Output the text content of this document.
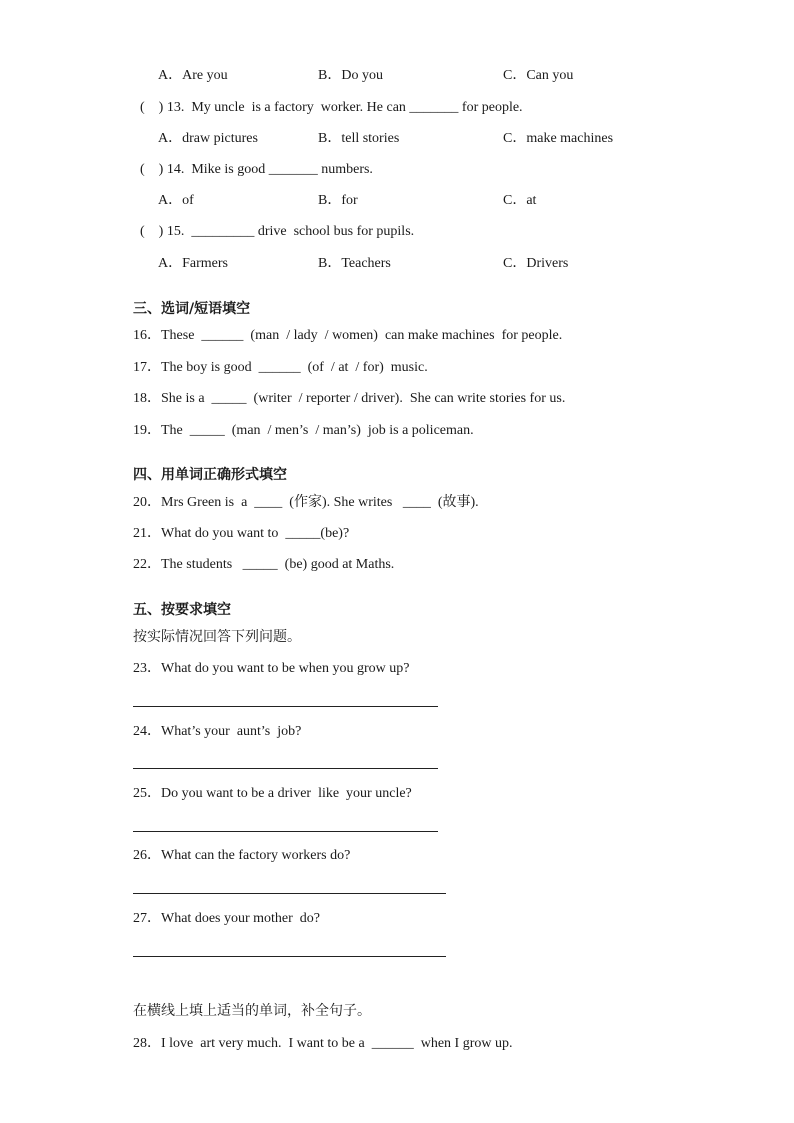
A．Are you	B．Do you	C．Can you
(    ) 13.  My uncle  is a factory  worker. He can _______ for people.
A．draw pictures	B．tell stories	C．make machines
(    ) 14.  Mike is good _______ numbers.
A．of	B．for	C．at
(    ) 15.  _________ drive  school bus for pupils.
A．Farmers	B．Teachers	C．Drivers
三、选词/短语填空
16．These  ______  (man  / lady  / women)  can make machines  for people.
17．The boy is good  ______  (of  / at  / for)  music.
18．She is a  _____  (writer  / reporter / driver).  She can write stories for us.
19．The  _____  (man  / men’s  / man’s)  job is a policeman.
四、用单词正确形式填空
20．Mrs Green is  a  ____  (作家). She writes   ____  (故事).
21．What do you want to  _____(be)?
22．The students   _____  (be) good at Maths.
五、按要求填空
按实际情况回答下列问题。
23．What do you want to be when you grow up?
24．What’s your  aunt’s  job?
25．Do you want to be a driver  like  your uncle?
26．What can the factory workers do?
27．What does your mother  do?
在横线上填上适当的单词，补全句子。
28．I love  art very much.  I want to be a  ______  when I grow up.
